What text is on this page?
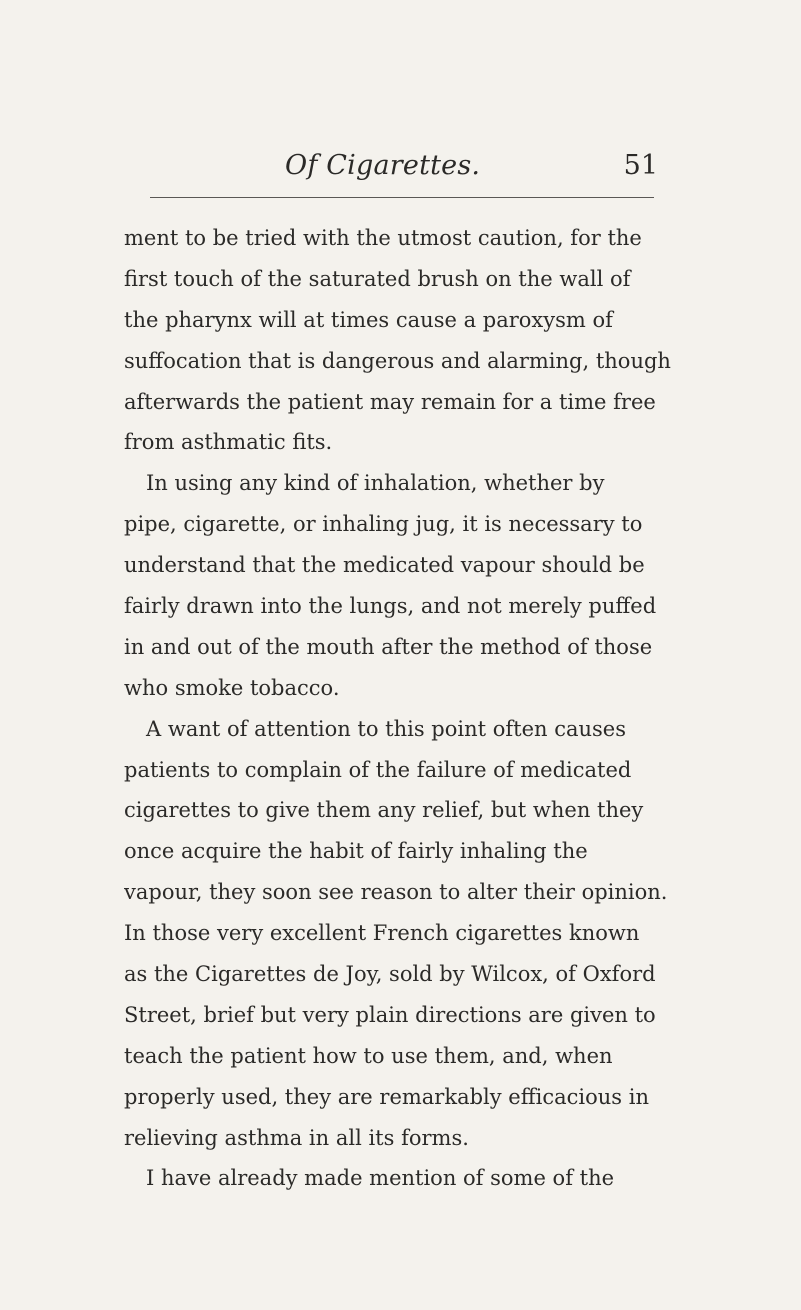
Of Cigarettes.	51
ment to be tried with the utmost caution, for the
first touch of the saturated brush on the wall of
the pharynx will at times cause a paroxysm of
suffocation that is dangerous and alarming, though
afterwards the patient may remain for a time free
from asthmatic fits.
In using any kind of inhalation, whether by
pipe, cigarette, or inhaling jug, it is necessary to
understand that the medicated vapour should be
fairly drawn into the lungs, and not merely puffed
in and out of the mouth after the method of those
who smoke tobacco.
A want of attention to this point often causes
patients to complain of the failure of medicated
cigarettes to give them any relief, but when they
once acquire the habit of fairly inhaling the
vapour, they soon see reason to alter their opinion.
In those very excellent French cigarettes known
as the Cigarettes de Joy, sold by Wilcox, of Oxford
Street, brief but very plain directions are given to
teach the patient how to use them, and, when
properly used, they are remarkably efficacious in
relieving asthma in all its forms.
I have already made mention of some of the
